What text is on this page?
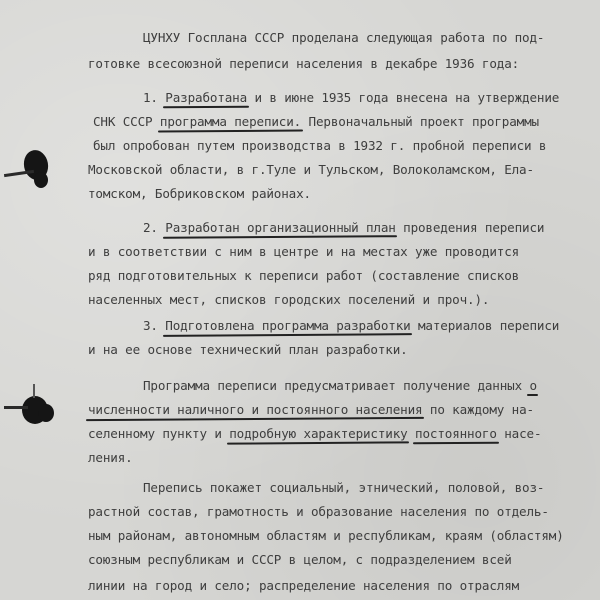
ЦУНХУ Госплана СССР проделана следующая работа по под-
готовке всесоюзной переписи населения в декабре 1936 года:
1. Разработана и в июне 1935 года внесена на утверждение
СНК СССР программа переписи. Первоначальный проект программы
был опробован путем производства в 1932 г. пробной переписи в
Московской области, в г.Туле и Тульском, Волоколамском, Ела-
томском, Бобриковском районах.
2. Разработан организационный план проведения переписи
и в соответствии с ним в центре и на местах уже проводится
ряд подготовительных к переписи работ (составление списков
населенных мест, списков городских поселений и проч.).
3. Подготовлена программа разработки материалов переписи
и на ее основе технический план разработки.
Программа переписи предусматривает получение данных о
численности наличного и постоянного населения по каждому на-
селенному пункту и подробную характеристику постоянного насе-
ления.
Перепись покажет социальный, этнический, половой, воз-
растной состав, грамотность и образование населения по отдель-
ным районам, автономным областям и республикам, краям (областям)
союзным республикам и СССР в целом, с подразделением всей
линии на город и село; распределение населения по отраслям
